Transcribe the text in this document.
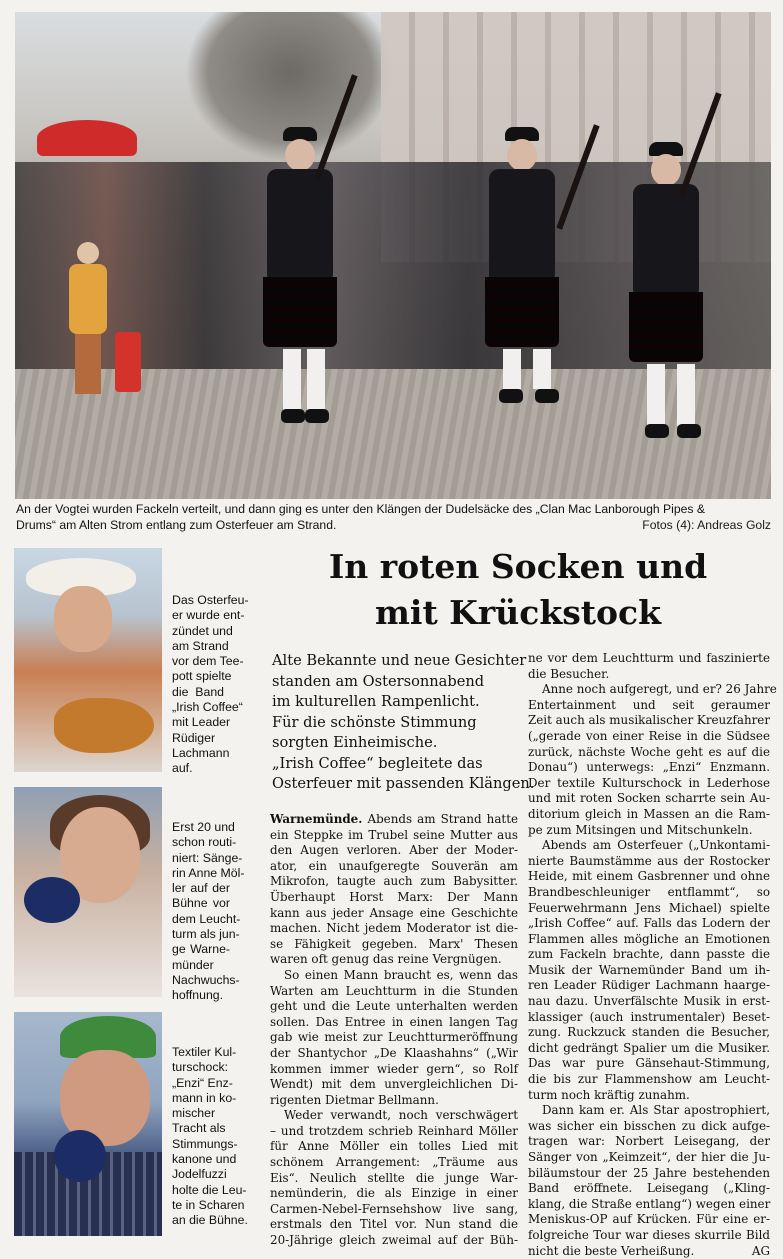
An der Vogtei wurden Fackeln verteilt, und dann ging es unter den Klängen der Dudelsäcke des „Clan Mac Lanborough Pipes &
Drums“ am Alten Strom entlang zum Osterfeuer am Strand.	Fotos (4): Andreas Golz
Das Osterfeu-
er wurde ent-
zündet und
am Strand
vor dem Tee-
pott spielte
die Band
„Irish Coffee“
mit Leader
Rüdiger
Lachmann
auf.
Erst 20 und
schon routi-
niert: Sänge-
rin Anne Möl-
ler auf der
Bühne vor
dem Leucht-
turm als jun-
ge Warne-
münder
Nachwuchs-
hoffnung.
Textiler Kul-
turschock:
„Enzi“ Enz-
mann in ko-
mischer
Tracht als
Stimmungs-
kanone und
Jodelfuzzi
holte die Leu-
te in Scharen
an die Bühne.
In roten Socken und
mit Krückstock
Alte Bekannte und neue Gesichter
standen am Ostersonnabend
im kulturellen Rampenlicht.
Für die schönste Stimmung
sorgten Einheimische.
„Irish Coffee“ begleitete das
Osterfeuer mit passenden Klängen.
Warnemünde. Abends am Strand hatte
ein Steppke im Trubel seine Mutter aus
den Augen verloren. Aber der Moder-
ator, ein unaufgeregte Souverän am
Mikrofon, taugte auch zum Babysitter.
Überhaupt Horst Marx: Der Mann
kann aus jeder Ansage eine Geschichte
machen. Nicht jedem Moderator ist die-
se Fähigkeit gegeben. Marx' Thesen
waren oft genug das reine Vergnügen.
So einen Mann braucht es, wenn das
Warten am Leuchtturm in die Stunden
geht und die Leute unterhalten werden
sollen. Das Entree in einen langen Tag
gab wie meist zur Leuchtturmeröffnung
der Shantychor „De Klaashahns“ („Wir
kommen immer wieder gern“, so Rolf
Wendt) mit dem unvergleichlichen Di-
rigenten Dietmar Bellmann.
Weder verwandt, noch verschwägert
– und trotzdem schrieb Reinhard Möller
für Anne Möller ein tolles Lied mit
schönem Arrangement: „Träume aus
Eis“. Neulich stellte die junge War-
nemünderin, die als Einzige in einer
Carmen-Nebel-Fernsehshow live sang,
erstmals den Titel vor. Nun stand die
20-Jährige gleich zweimal auf der Büh-
ne vor dem Leuchtturm und faszinierte
die Besucher.
Anne noch aufgeregt, und er? 26 Jahre
Entertainment und seit geraumer
Zeit auch als musikalischer Kreuzfahrer
(„gerade von einer Reise in die Südsee
zurück, nächste Woche geht es auf die
Donau“) unterwegs: „Enzi“ Enzmann.
Der textile Kulturschock in Lederhose
und mit roten Socken scharrte sein Au-
ditorium gleich in Massen an die Ram-
pe zum Mitsingen und Mitschunkeln.
Abends am Osterfeuer („Unkontami-
nierte Baumstämme aus der Rostocker
Heide, mit einem Gasbrenner und ohne
Brandbeschleuniger entflammt“, so
Feuerwehrmann Jens Michael) spielte
„Irish Coffee“ auf. Falls das Lodern der
Flammen alles mögliche an Emotionen
zum Fackeln brachte, dann passte die
Musik der Warnemünder Band um ih-
ren Leader Rüdiger Lachmann haarge-
nau dazu. Unverfälschte Musik in erst-
klassiger (auch instrumentaler) Beset-
zung. Ruckzuck standen die Besucher,
dicht gedrängt Spalier um die Musiker.
Das war pure Gänsehaut-Stimmung,
die bis zur Flammenshow am Leucht-
turm noch kräftig zunahm.
Dann kam er. Als Star apostrophiert,
was sicher ein bisschen zu dick aufge-
tragen war: Norbert Leisegang, der
Sänger von „Keimzeit“, der hier die Ju-
biläumstour der 25 Jahre bestehenden
Band eröffnete. Leisegang („Kling-
klang, die Straße entlang“) wegen einer
Meniskus-OP auf Krücken. Für eine er-
folgreiche Tour war dieses skurrile Bild
nicht die beste Verheißung.	AG
